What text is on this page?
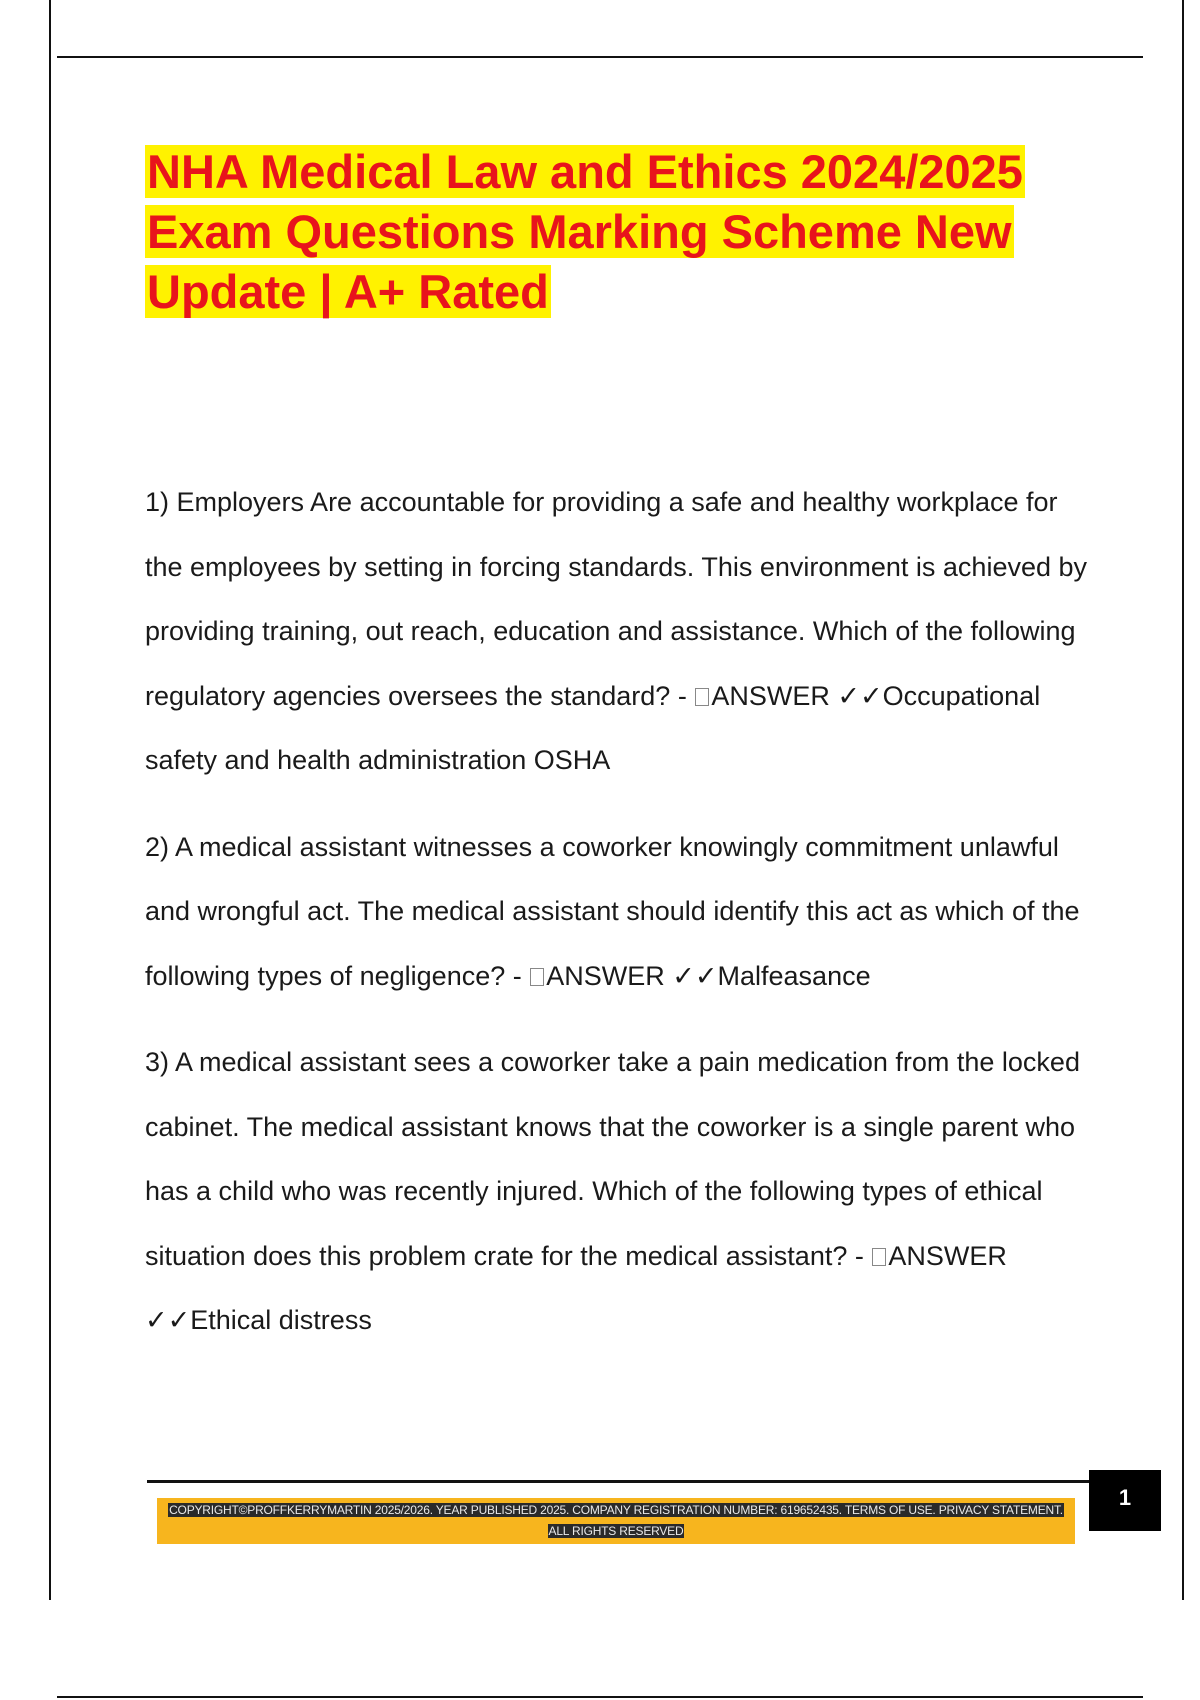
NHA Medical Law and Ethics 2024/2025 Exam Questions Marking Scheme New Update | A+ Rated

1) Employers Are accountable for providing a safe and healthy workplace for the employees by setting in forcing standards. This environment is achieved by providing training, out reach, education and assistance. Which of the following regulatory agencies oversees the standard? - ANSWER ✓✓Occupational safety and health administration OSHA

2) A medical assistant witnesses a coworker knowingly commitment unlawful and wrongful act. The medical assistant should identify this act as which of the following types of negligence? - ANSWER ✓✓Malfeasance

3) A medical assistant sees a coworker take a pain medication from the locked cabinet. The medical assistant knows that the coworker is a single parent who has a child who was recently injured. Which of the following types of ethical situation does this problem crate for the medical assistant? - ANSWER ✓✓Ethical distress

1
COPYRIGHT©PROFFKERRYMARTIN 2025/2026. YEAR PUBLISHED 2025. COMPANY REGISTRATION NUMBER: 619652435. TERMS OF USE. PRIVACY STATEMENT. ALL RIGHTS RESERVED
